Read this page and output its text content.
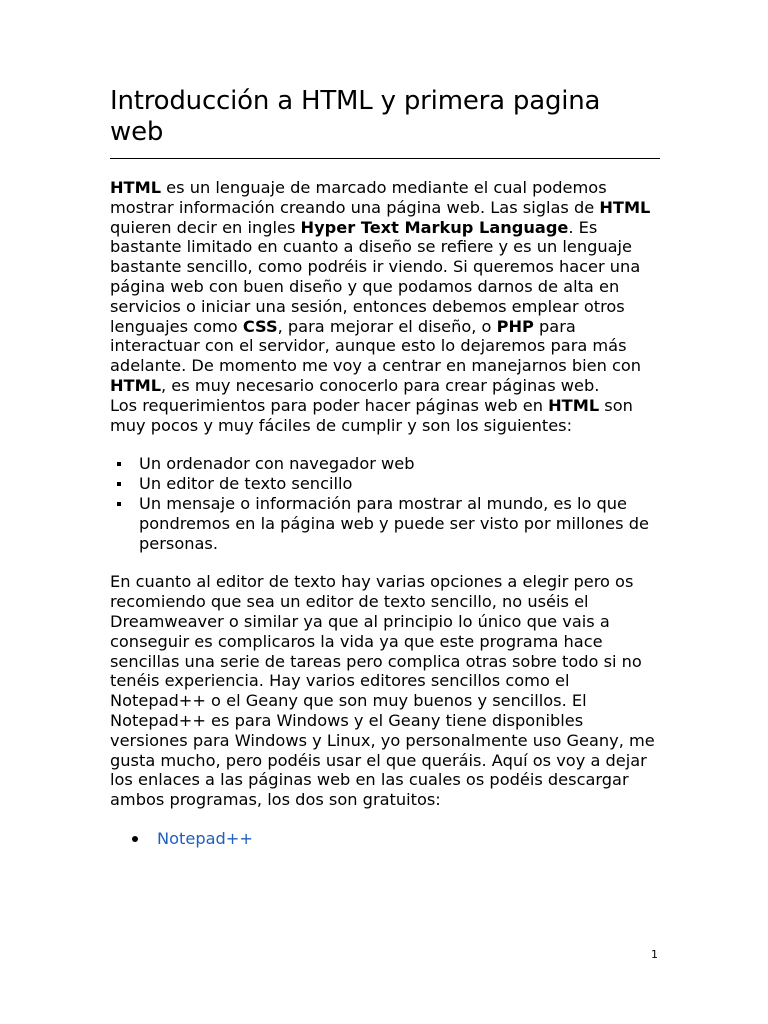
Introducción a HTML y primera pagina web

HTML es un lenguaje de marcado mediante el cual podemos mostrar información creando una página web. Las siglas de HTML quieren decir en ingles Hyper Text Markup Language. Es bastante limitado en cuanto a diseño se refiere y es un lenguaje bastante sencillo, como podréis ir viendo. Si queremos hacer una página web con buen diseño y que podamos darnos de alta en servicios o iniciar una sesión, entonces debemos emplear otros lenguajes como CSS, para mejorar el diseño, o PHP para interactuar con el servidor, aunque esto lo dejaremos para más adelante. De momento me voy a centrar en manejarnos bien con HTML, es muy necesario conocerlo para crear páginas web.

Los requerimientos para poder hacer páginas web en HTML son muy pocos y muy fáciles de cumplir y son los siguientes:

Un ordenador con navegador web
Un editor de texto sencillo
Un mensaje o información para mostrar al mundo, es lo que pondremos en la página web y puede ser visto por millones de personas.

En cuanto al editor de texto hay varias opciones a elegir pero os recomiendo que sea un editor de texto sencillo, no uséis el Dreamweaver o similar ya que al principio lo único que vais a conseguir es complicaros la vida ya que este programa hace sencillas una serie de tareas pero complica otras sobre todo si no tenéis experiencia. Hay varios editores sencillos como el Notepad++ o el Geany que son muy buenos y sencillos. El Notepad++ es para Windows y el Geany tiene disponibles versiones para Windows y Linux, yo personalmente uso Geany, me gusta mucho, pero podéis usar el que queráis. Aquí os voy a dejar los enlaces a las páginas web en las cuales os podéis descargar ambos programas, los dos son gratuitos:

Notepad++
1
